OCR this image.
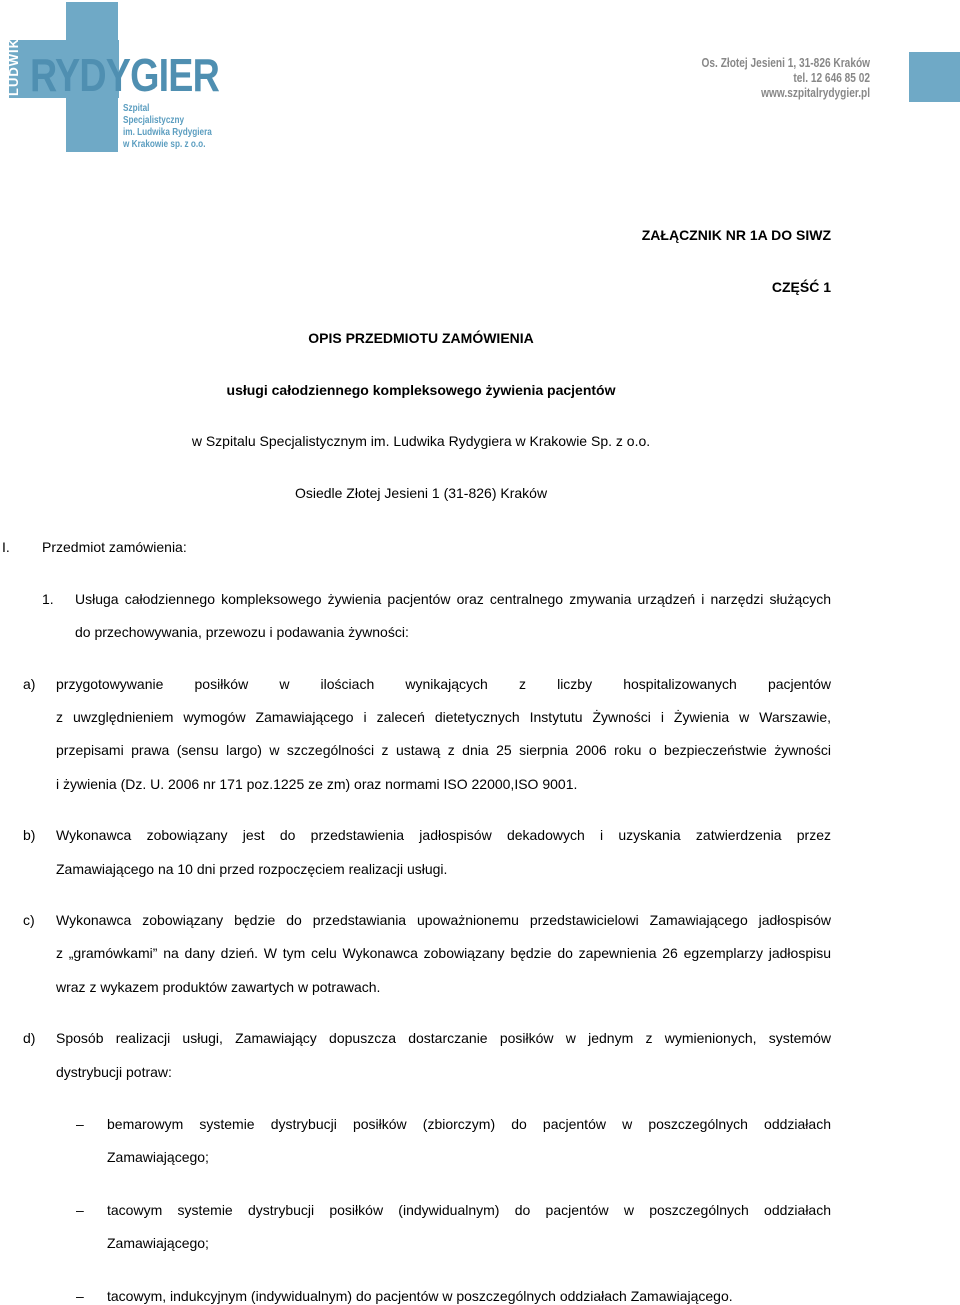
LUDWIK RYDYGIER
Szpital
Specjalistyczny
im. Ludwika Rydygiera
w Krakowie sp. z o.o.
Os. Złotej Jesieni 1, 31-826 Kraków
tel. 12 646 85 02
www.szpitalrydygier.pl
ZAŁĄCZNIK NR 1A DO SIWZ
CZĘŚĆ 1
OPIS PRZEDMIOTU ZAMÓWIENIA
usługi całodziennego kompleksowego żywienia pacjentów
w Szpitalu Specjalistycznym im. Ludwika Rydygiera w Krakowie Sp. z o.o.
Osiedle Złotej Jesieni 1 (31-826) Kraków
I. Przedmiot zamówienia:
1. Usługa całodziennego kompleksowego żywienia pacjentów oraz centralnego zmywania urządzeń i narzędzi służących
do przechowywania, przewozu i podawania żywności:
a) przygotowywanie posiłków w ilościach wynikających z liczby hospitalizowanych pacjentów
z uwzględnieniem wymogów Zamawiającego i zaleceń dietetycznych Instytutu Żywności i Żywienia w Warszawie,
przepisami prawa (sensu largo) w szczególności z ustawą z dnia 25 sierpnia 2006 roku o bezpieczeństwie żywności
i żywienia (Dz. U. 2006 nr 171 poz.1225 ze zm) oraz normami ISO 22000,ISO 9001.
b) Wykonawca zobowiązany jest do przedstawienia jadłospisów dekadowych i uzyskania zatwierdzenia przez
Zamawiającego na 10 dni przed rozpoczęciem realizacji usługi.
c) Wykonawca zobowiązany będzie do przedstawiania upoważnionemu przedstawicielowi Zamawiającego jadłospisów
z „gramówkami” na dany dzień. W tym celu Wykonawca zobowiązany będzie do zapewnienia 26 egzemplarzy jadłospisu
wraz z wykazem produktów zawartych w potrawach.
d) Sposób realizacji usługi, Zamawiający dopuszcza dostarczanie posiłków w jednym z wymienionych, systemów
dystrybucji potraw:
– bemarowym systemie dystrybucji posiłków (zbiorczym) do pacjentów w poszczególnych oddziałach
Zamawiającego;
– tacowym systemie dystrybucji posiłków (indywidualnym) do pacjentów w poszczególnych oddziałach
Zamawiającego;
– tacowym, indukcyjnym (indywidualnym) do pacjentów w poszczególnych oddziałach Zamawiającego.
